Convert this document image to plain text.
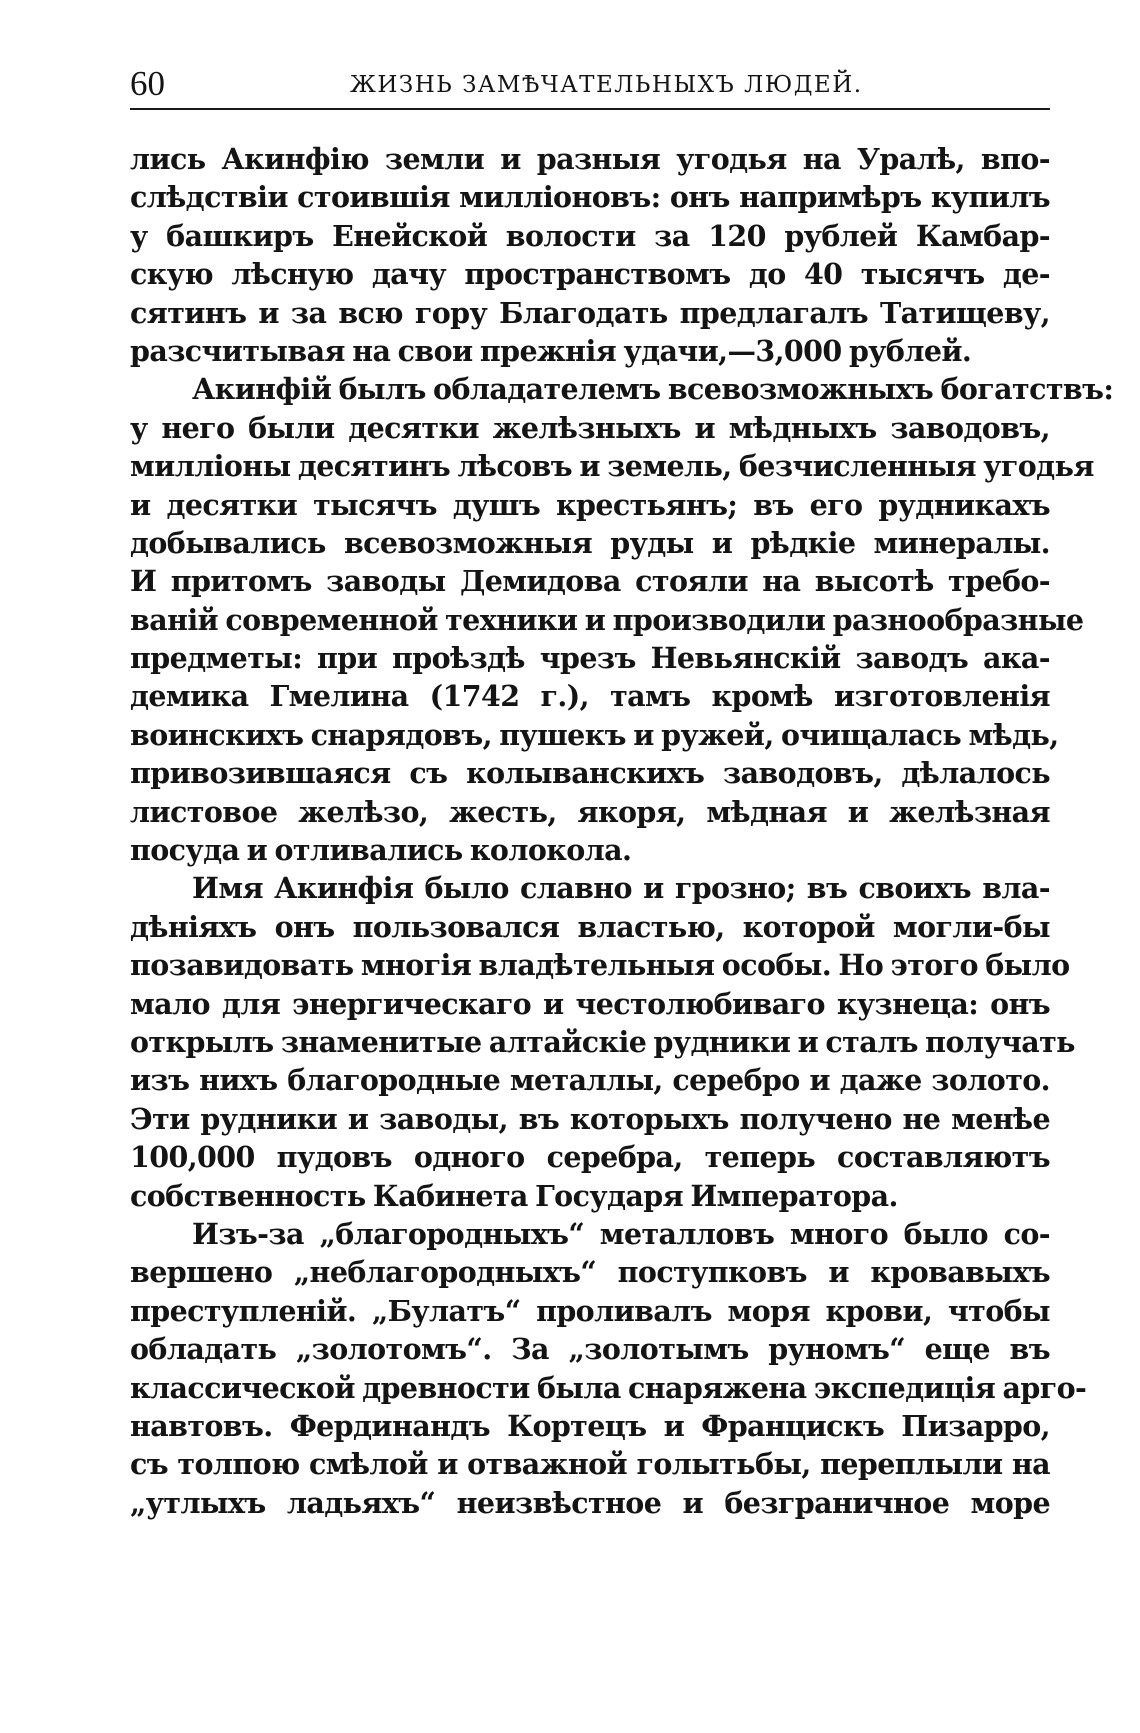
60	ЖИЗНЬ ЗАМѢЧАТЕЛЬНЫХЪ ЛЮДЕЙ.
лись Акинфію земли и разныя угодья на Уралѣ, впо-
слѣдствіи стоившія милліоновъ: онъ напримѣръ купилъ
у башкиръ Енейской волости за 120 рублей Камбар-
скую лѣсную дачу пространствомъ до 40 тысячъ де-
сятинъ и за всю гору Благодать предлагалъ Татищеву,
разсчитывая на свои прежнія удачи,—3,000 рублей.
Акинфій былъ обладателемъ всевозможныхъ богатствъ:
у него были десятки желѣзныхъ и мѣдныхъ заводовъ,
милліоны десятинъ лѣсовъ и земель, безчисленныя угодья
и десятки тысячъ душъ крестьянъ; въ его рудникахъ
добывались всевозможныя руды и рѣдкіе минералы.
И притомъ заводы Демидова стояли на высотѣ требо-
ваній современной техники и производили разнообразные
предметы: при проѣздѣ чрезъ Невьянскій заводъ ака-
демика Гмелина (1742 г.), тамъ кромѣ изготовленія
воинскихъ снарядовъ, пушекъ и ружей, очищалась мѣдь,
привозившаяся съ колыванскихъ заводовъ, дѣлалось
листовое желѣзо, жесть, якоря, мѣдная и желѣзная
посуда и отливались колокола.
Имя Акинфія было славно и грозно; въ своихъ вла-
дѣніяхъ онъ пользовался властью, которой могли-бы
позавидовать многія владѣтельныя особы. Но этого было
мало для энергическаго и честолюбиваго кузнеца: онъ
открылъ знаменитые алтайскіе рудники и сталъ получать
изъ нихъ благородные металлы, серебро и даже золото.
Эти рудники и заводы, въ которыхъ получено не менѣе
100,000 пудовъ одного серебра, теперь составляютъ
собственность Кабинета Государя Императора.
Изъ-за „благородныхъ“ металловъ много было со-
вершено „неблагородныхъ“ поступковъ и кровавыхъ
преступленій. „Булатъ“ проливалъ моря крови, чтобы
обладать „золотомъ“. За „золотымъ руномъ“ еще въ
классической древности была снаряжена экспедиція арго-
навтовъ. Фердинандъ Кортецъ и Францискъ Пизарро,
съ толпою смѣлой и отважной голытьбы, переплыли на
„утлыхъ ладьяхъ“ неизвѣстное и безграничное море
